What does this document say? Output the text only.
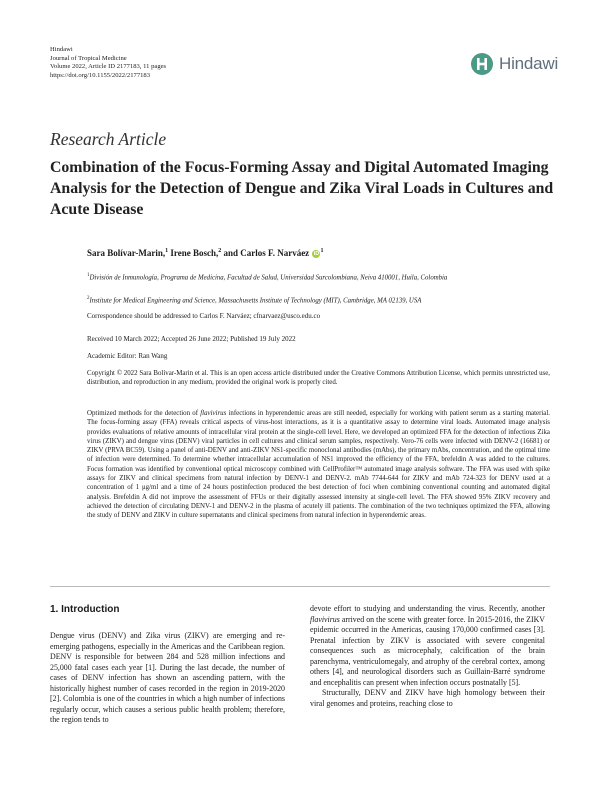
Hindawi
Journal of Tropical Medicine
Volume 2022, Article ID 2177183, 11 pages
https://doi.org/10.1155/2022/2177183
Hindawi
Research Article
Combination of the Focus-Forming Assay and Digital Automated Imaging Analysis for the Detection of Dengue and Zika Viral Loads in Cultures and Acute Disease
Sara Bolívar-Marin,$^1$ Irene Bosch,$^2$ and Carlos F. Narváez $iD^1$
$^1$División de Inmunología, Programa de Medicina, Facultad de Salud, Universidad Surcolombiana, Neiva 410001, Huila, Colombia
$^2$Institute for Medical Engineering and Science, Massachusetts Institute of Technology (MIT), Cambridge, MA 02139, USA
Correspondence should be addressed to Carlos F. Narváez; cfnarvaez@usco.edu.co
Received 10 March 2022; Accepted 26 June 2022; Published 19 July 2022
Academic Editor: Ran Wang
Copyright © 2022 Sara Bolívar-Marin et al. This is an open access article distributed under the Creative Commons Attribution License, which permits unrestricted use, distribution, and reproduction in any medium, provided the original work is properly cited.
Optimized methods for the detection of flavivirus infections in hyperendemic areas are still needed, especially for working with patient serum as a starting material. The focus-forming assay (FFA) reveals critical aspects of virus-host interactions, as it is a quantitative assay to determine viral loads. Automated image analysis provides evaluations of relative amounts of intracellular viral protein at the single-cell level. Here, we developed an optimized FFA for the detection of infectious Zika virus (ZIKV) and dengue virus (DENV) viral particles in cell cultures and clinical serum samples, respectively. Vero-76 cells were infected with DENV-2 (16681) or ZIKV (PRVA BC59). Using a panel of anti-DENV and anti-ZIKV NS1-specific monoclonal antibodies (mAbs), the primary mAbs, concentration, and the optimal time of infection were determined. To determine whether intracellular accumulation of NS1 improved the efficiency of the FFA, brefeldin A was added to the cultures. Focus formation was identified by conventional optical microscopy combined with CellProfiler™ automated image analysis software. The FFA was used with spike assays for ZIKV and clinical specimens from natural infection by DENV-1 and DENV-2. mAb 7744-644 for ZIKV and mAb 724-323 for DENV used at a concentration of 1 μg/ml and a time of 24 hours postinfection produced the best detection of foci when combining conventional counting and automated digital analysis. Brefeldin A did not improve the assessment of FFUs or their digitally assessed intensity at single-cell level. The FFA showed 95% ZIKV recovery and achieved the detection of circulating DENV-1 and DENV-2 in the plasma of acutely ill patients. The combination of the two techniques optimized the FFA, allowing the study of DENV and ZIKV in culture supernatants and clinical specimens from natural infection in hyperendemic areas.
1. Introduction

Dengue virus (DENV) and Zika virus (ZIKV) are emerging and re-emerging pathogens, especially in the Americas and the Caribbean region. DENV is responsible for between 284 and 528 million infections and 25,000 fatal cases each year [1]. During the last decade, the number of cases of DENV infection has shown an ascending pattern, with the historically highest number of cases recorded in the region in 2019-2020 [2]. Colombia is one of the countries in which a high number of infections regularly occur, which causes a serious public health problem; therefore, the region tends to

devote effort to studying and understanding the virus. Recently, another flavivirus arrived on the scene with greater force. In 2015-2016, the ZIKV epidemic occurred in the Americas, causing 170,000 confirmed cases [3]. Prenatal infection by ZIKV is associated with severe congenital consequences such as microcephaly, calcification of the brain parenchyma, ventriculomegaly, and atrophy of the cerebral cortex, among others [4], and neurological disorders such as Guillain-Barré syndrome and encephalitis can present when infection occurs postnatally [5].

Structurally, DENV and ZIKV have high homology between their viral genomes and proteins, reaching close to
